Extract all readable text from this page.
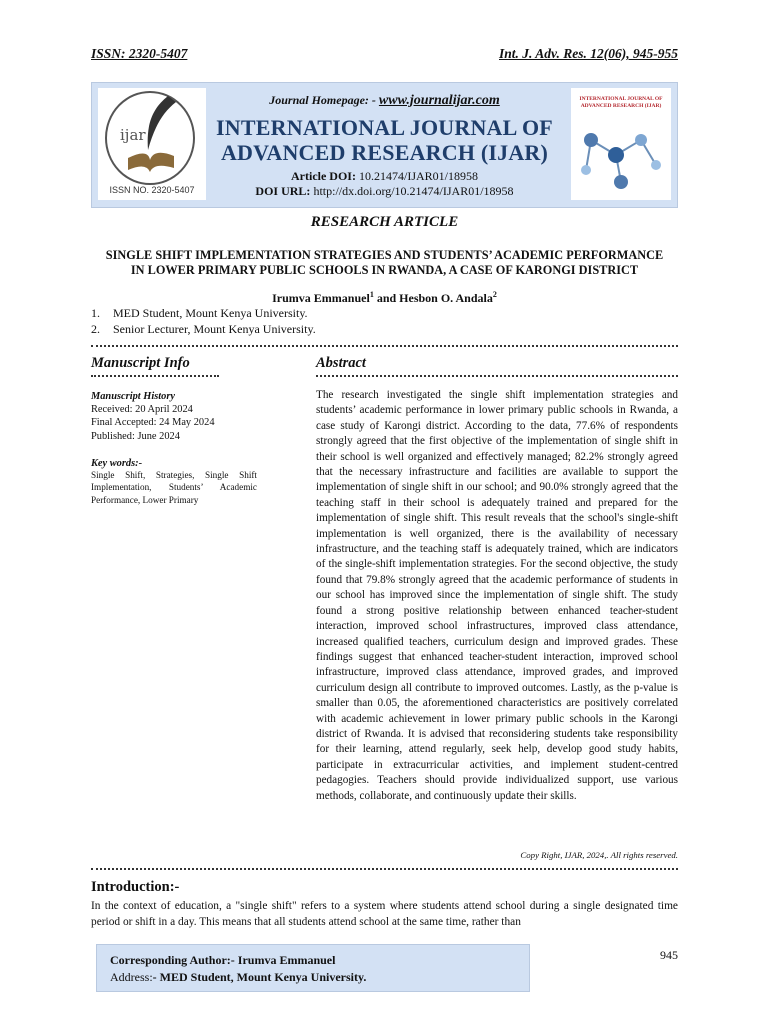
ISSN: 2320-5407	Int. J. Adv. Res. 12(06), 945-955
ijar
ISSN NO. 2320-5407
Journal Homepage: - www.journalijar.com
INTERNATIONAL JOURNAL OF
ADVANCED RESEARCH (IJAR)
Article DOI: 10.21474/IJAR01/18958
DOI URL: http://dx.doi.org/10.21474/IJAR01/18958
INTERNATIONAL JOURNAL OF
ADVANCED RESEARCH (IJAR)
RESEARCH ARTICLE
SINGLE SHIFT IMPLEMENTATION STRATEGIES AND STUDENTS’ ACADEMIC PERFORMANCE
IN LOWER PRIMARY PUBLIC SCHOOLS IN RWANDA, A CASE OF KARONGI DISTRICT
Irumva Emmanuel$^1$ and Hesbon O. Andala$^2$
1. MED Student, Mount Kenya University.
2. Senior Lecturer, Mount Kenya University.
Manuscript Info
Manuscript History
Received: 20 April 2024
Final Accepted: 24 May 2024
Published: June 2024
Key words:-
Single Shift, Strategies, Single Shift Implementation, Students’ Academic Performance, Lower Primary
Abstract
The research investigated the single shift implementation strategies and students’ academic performance in lower primary public schools in Rwanda, a case study of Karongi district. According to the data, 77.6% of respondents strongly agreed that the first objective of the implementation of single shift in their school is well organized and effectively managed; 82.2% strongly agreed that the necessary infrastructure and facilities are available to support the implementation of single shift in our school; and 90.0% strongly agreed that the teaching staff in their school is adequately trained and prepared for the implementation of single shift. This result reveals that the school's single-shift implementation is well organized, there is the availability of necessary infrastructure, and the teaching staff is adequately trained, which are indicators of the single-shift implementation strategies. For the second objective, the study found that 79.8% strongly agreed that the academic performance of students in our school has improved since the implementation of single shift. The study found a strong positive relationship between enhanced teacher-student interaction, improved school infrastructures, improved class attendance, increased qualified teachers, curriculum design and improved grades. These findings suggest that enhanced teacher-student interaction, improved school infrastructure, improved class attendance, improved grades, and improved curriculum design all contribute to improved outcomes. Lastly, as the p-value is smaller than 0.05, the aforementioned characteristics are positively correlated with academic achievement in lower primary public schools in the Karongi district of Rwanda. It is advised that reconsidering students take responsibility for their learning, attend regularly, seek help, develop good study habits, participate in extracurricular activities, and implement student-centred pedagogies. Teachers should provide individualized support, use various methods, collaborate, and continuously update their skills.
Copy Right, IJAR, 2024,. All rights reserved.
Introduction:-
In the context of education, a "single shift" refers to a system where students attend school during a single designated time period or shift in a day. This means that all students attend school at the same time, rather than
Corresponding Author:- Irumva Emmanuel
Address:- MED Student, Mount Kenya University.
945
